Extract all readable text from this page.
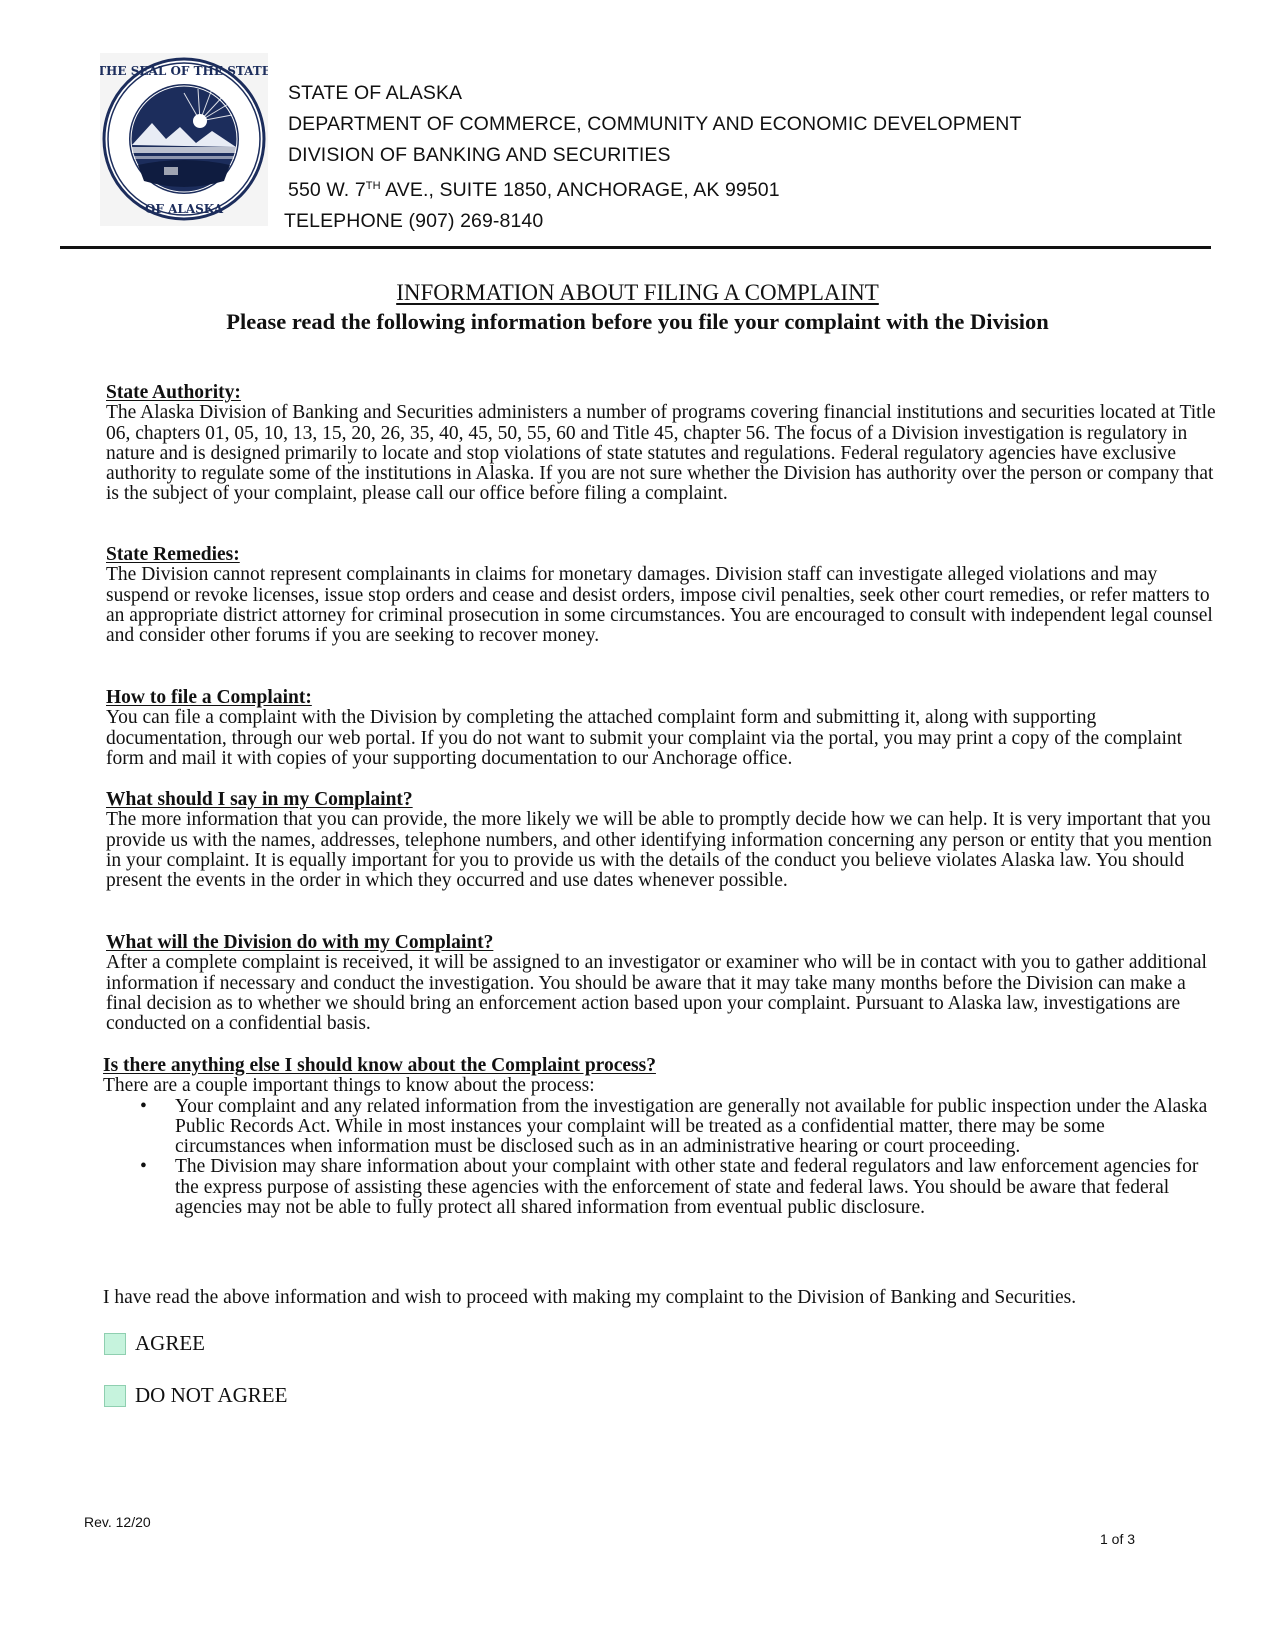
THE SEAL OF THE STATE
OF ALASKA
STATE OF ALASKA
DEPARTMENT OF COMMERCE, COMMUNITY AND ECONOMIC DEVELOPMENT
DIVISION OF BANKING AND SECURITIES
550 W. 7TH AVE., SUITE 1850, ANCHORAGE, AK 99501
TELEPHONE (907) 269-8140
INFORMATION ABOUT FILING A COMPLAINT
Please read the following information before you file your complaint with the Division
State Authority:

The Alaska Division of Banking and Securities administers a number of programs covering financial institutions and securities located at Title 06, chapters 01, 05, 10, 13, 15, 20, 26, 35, 40, 45, 50, 55, 60 and Title 45, chapter 56. The focus of a Division investigation is regulatory in nature and is designed primarily to locate and stop violations of state statutes and regulations. Federal regulatory agencies have exclusive authority to regulate some of the institutions in Alaska. If you are not sure whether the Division has authority over the person or company that is the subject of your complaint, please call our office before filing a complaint.

State Remedies:

The Division cannot represent complainants in claims for monetary damages. Division staff can investigate alleged violations and may suspend or revoke licenses, issue stop orders and cease and desist orders, impose civil penalties, seek other court remedies, or refer matters to an appropriate district attorney for criminal prosecution in some circumstances. You are encouraged to consult with independent legal counsel and consider other forums if you are seeking to recover money.

How to file a Complaint:

You can file a complaint with the Division by completing the attached complaint form and submitting it, along with supporting documentation, through our web portal. If you do not want to submit your complaint via the portal, you may print a copy of the complaint form and mail it with copies of your supporting documentation to our Anchorage office.

What should I say in my Complaint?

The more information that you can provide, the more likely we will be able to promptly decide how we can help. It is very important that you provide us with the names, addresses, telephone numbers, and other identifying information concerning any person or entity that you mention in your complaint. It is equally important for you to provide us with the details of the conduct you believe violates Alaska law. You should present the events in the order in which they occurred and use dates whenever possible.

What will the Division do with my Complaint?

After a complete complaint is received, it will be assigned to an investigator or examiner who will be in contact with you to gather additional information if necessary and conduct the investigation. You should be aware that it may take many months before the Division can make a final decision as to whether we should bring an enforcement action based upon your complaint. Pursuant to Alaska law, investigations are conducted on a confidential basis.

Is there anything else I should know about the Complaint process?

There are a couple important things to know about the process:

• Your complaint and any related information from the investigation are generally not available for public inspection under the Alaska Public Records Act. While in most instances your complaint will be treated as a confidential matter, there may be some circumstances when information must be disclosed such as in an administrative hearing or court proceeding.
• The Division may share information about your complaint with other state and federal regulators and law enforcement agencies for the express purpose of assisting these agencies with the enforcement of state and federal laws. You should be aware that federal agencies may not be able to fully protect all shared information from eventual public disclosure.
I have read the above information and wish to proceed with making my complaint to the Division of Banking and Securities.
AGREE
DO NOT AGREE
Rev. 12/20
1 of 3
